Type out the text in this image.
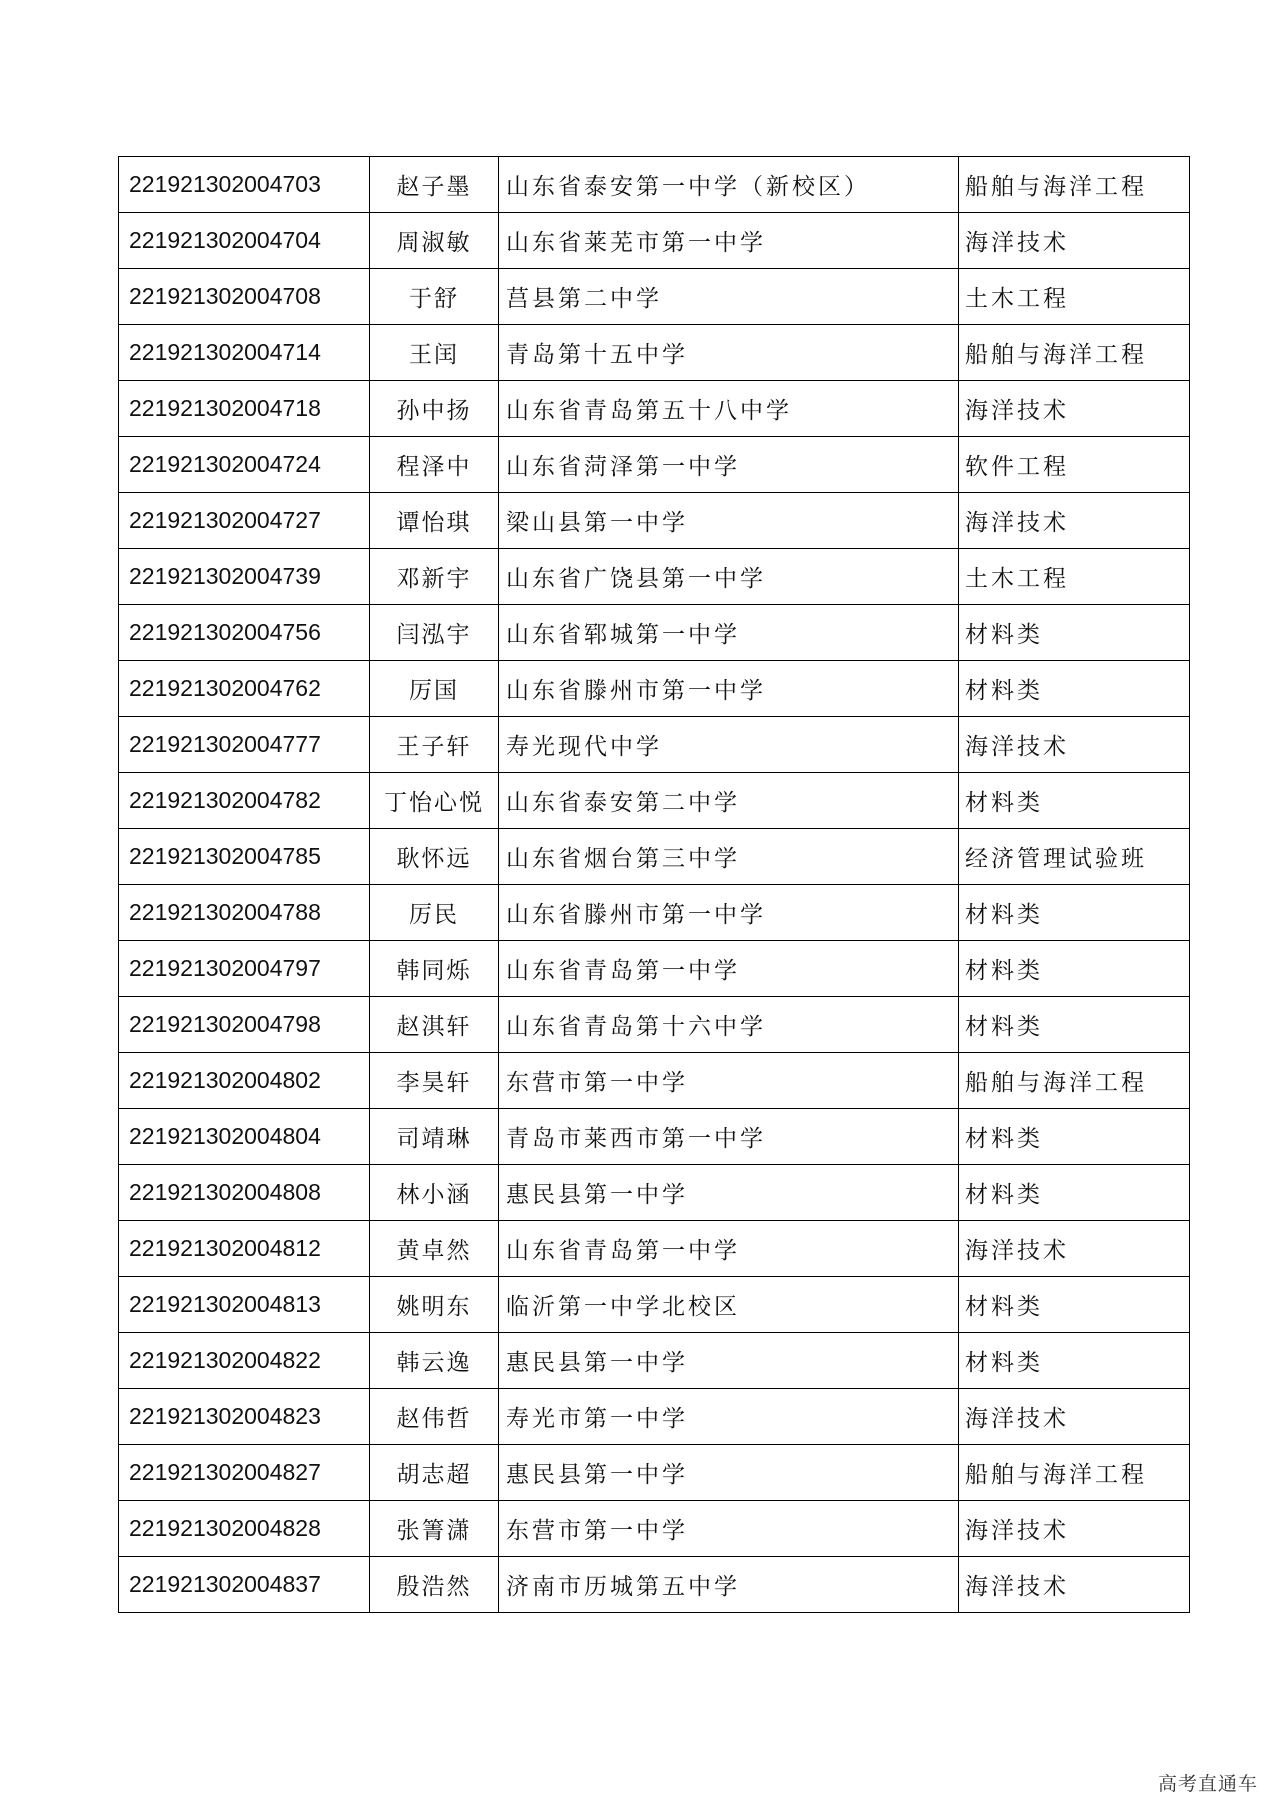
221921302004703	赵子墨	山东省泰安第一中学（新校区）	船舶与海洋工程
221921302004704	周淑敏	山东省莱芜市第一中学	海洋技术
221921302004708	于舒	莒县第二中学	土木工程
221921302004714	王闰	青岛第十五中学	船舶与海洋工程
221921302004718	孙中扬	山东省青岛第五十八中学	海洋技术
221921302004724	程泽中	山东省菏泽第一中学	软件工程
221921302004727	谭怡琪	梁山县第一中学	海洋技术
221921302004739	邓新宇	山东省广饶县第一中学	土木工程
221921302004756	闫泓宇	山东省郓城第一中学	材料类
221921302004762	厉国	山东省滕州市第一中学	材料类
221921302004777	王子轩	寿光现代中学	海洋技术
221921302004782	丁怡心悦	山东省泰安第二中学	材料类
221921302004785	耿怀远	山东省烟台第三中学	经济管理试验班
221921302004788	厉民	山东省滕州市第一中学	材料类
221921302004797	韩同烁	山东省青岛第一中学	材料类
221921302004798	赵淇轩	山东省青岛第十六中学	材料类
221921302004802	李昊轩	东营市第一中学	船舶与海洋工程
221921302004804	司靖琳	青岛市莱西市第一中学	材料类
221921302004808	林小涵	惠民县第一中学	材料类
221921302004812	黄卓然	山东省青岛第一中学	海洋技术
221921302004813	姚明东	临沂第一中学北校区	材料类
221921302004822	韩云逸	惠民县第一中学	材料类
221921302004823	赵伟哲	寿光市第一中学	海洋技术
221921302004827	胡志超	惠民县第一中学	船舶与海洋工程
221921302004828	张箐潇	东营市第一中学	海洋技术
221921302004837	殷浩然	济南市历城第五中学	海洋技术
高考直通车
